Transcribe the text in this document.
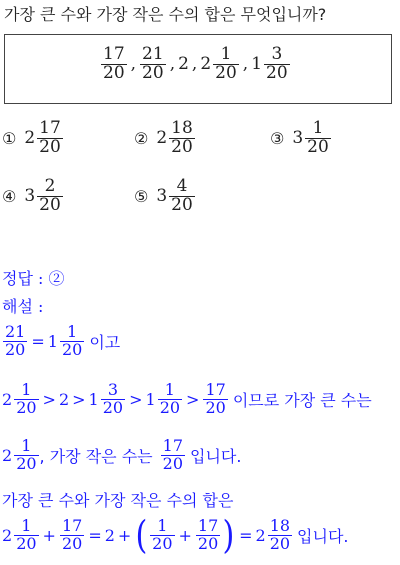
가장 큰 수와 가장 작은 수의 합은 무엇입니까?
$\frac{17}{20}$ , $\frac{21}{20}$ , 2 , $2 \frac{1}{20}$ , $1 \frac{3}{20}$
① $2 \frac{17}{20}$	② $2 \frac{18}{20}$	③ $3 \frac{1}{20}$
④ $3 \frac{2}{20}$	⑤ $3 \frac{4}{20}$
정답 : ②
해설 :
$\frac{21}{20} = 1 \frac{1}{20}$ 이고
$2 \frac{1}{20} > 2 > 1 \frac{3}{20} > 1 \frac{1}{20} > \frac{17}{20}$ 이므로 가장 큰 수는
$2 \frac{1}{20}$ , 가장 작은 수는 $\frac{17}{20}$ 입니다.
가장 큰 수와 가장 작은 수의 합은
$2 \frac{1}{20} + \frac{17}{20} = 2$ + ( $\frac{1}{20} + \frac{17}{20}$ ) = $2 \frac{18}{20}$ 입니다.
